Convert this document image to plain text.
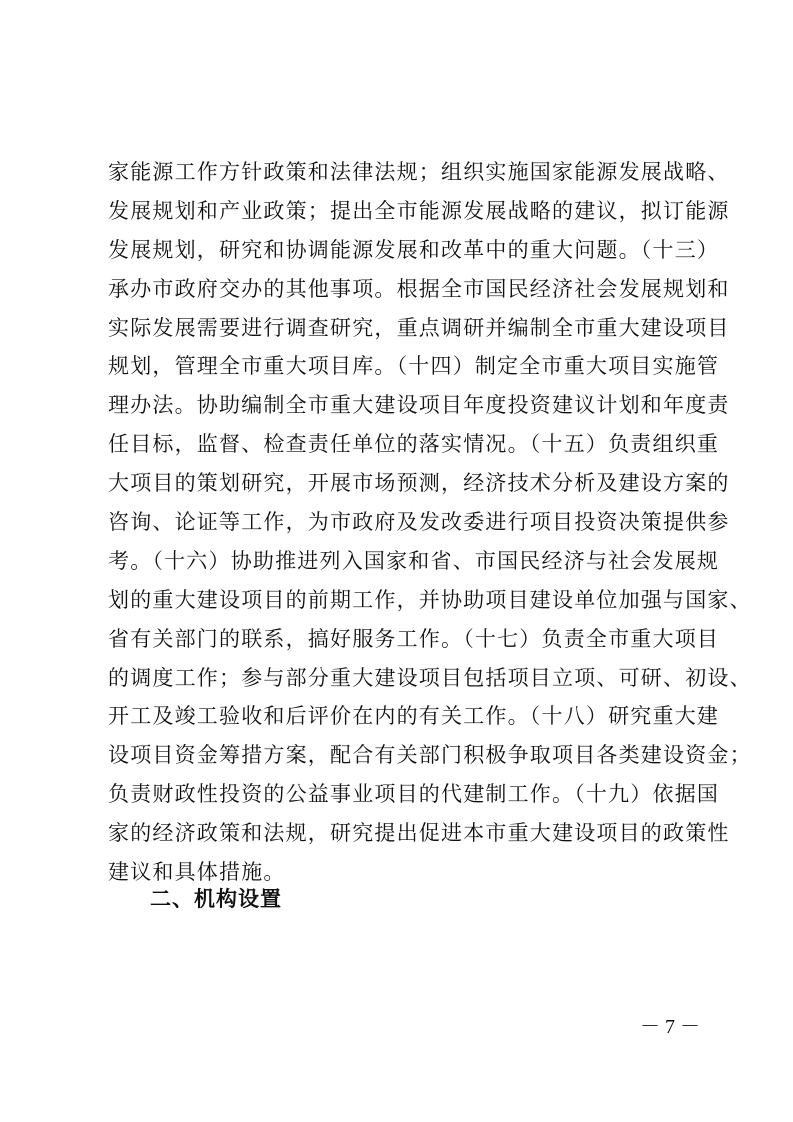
家能源工作方针政策和法律法规；组织实施国家能源发展战略、
发展规划和产业政策；提出全市能源发展战略的建议，拟订能源
发展规划，研究和协调能源发展和改革中的重大问题。（十三）
承办市政府交办的其他事项。根据全市国民经济社会发展规划和
实际发展需要进行调查研究，重点调研并编制全市重大建设项目
规划，管理全市重大项目库。（十四）制定全市重大项目实施管
理办法。协助编制全市重大建设项目年度投资建议计划和年度责
任目标，监督、检查责任单位的落实情况。（十五）负责组织重
大项目的策划研究，开展市场预测，经济技术分析及建设方案的
咨询、论证等工作，为市政府及发改委进行项目投资决策提供参
考。（十六）协助推进列入国家和省、市国民经济与社会发展规
划的重大建设项目的前期工作，并协助项目建设单位加强与国家、
省有关部门的联系，搞好服务工作。（十七）负责全市重大项目
的调度工作；参与部分重大建设项目包括项目立项、可研、初设、
开工及竣工验收和后评价在内的有关工作。（十八）研究重大建
设项目资金筹措方案，配合有关部门积极争取项目各类建设资金；
负责财政性投资的公益事业项目的代建制工作。（十九）依据国
家的经济政策和法规，研究提出促进本市重大建设项目的政策性
建议和具体措施。
二、机构设置
－ 7 －
